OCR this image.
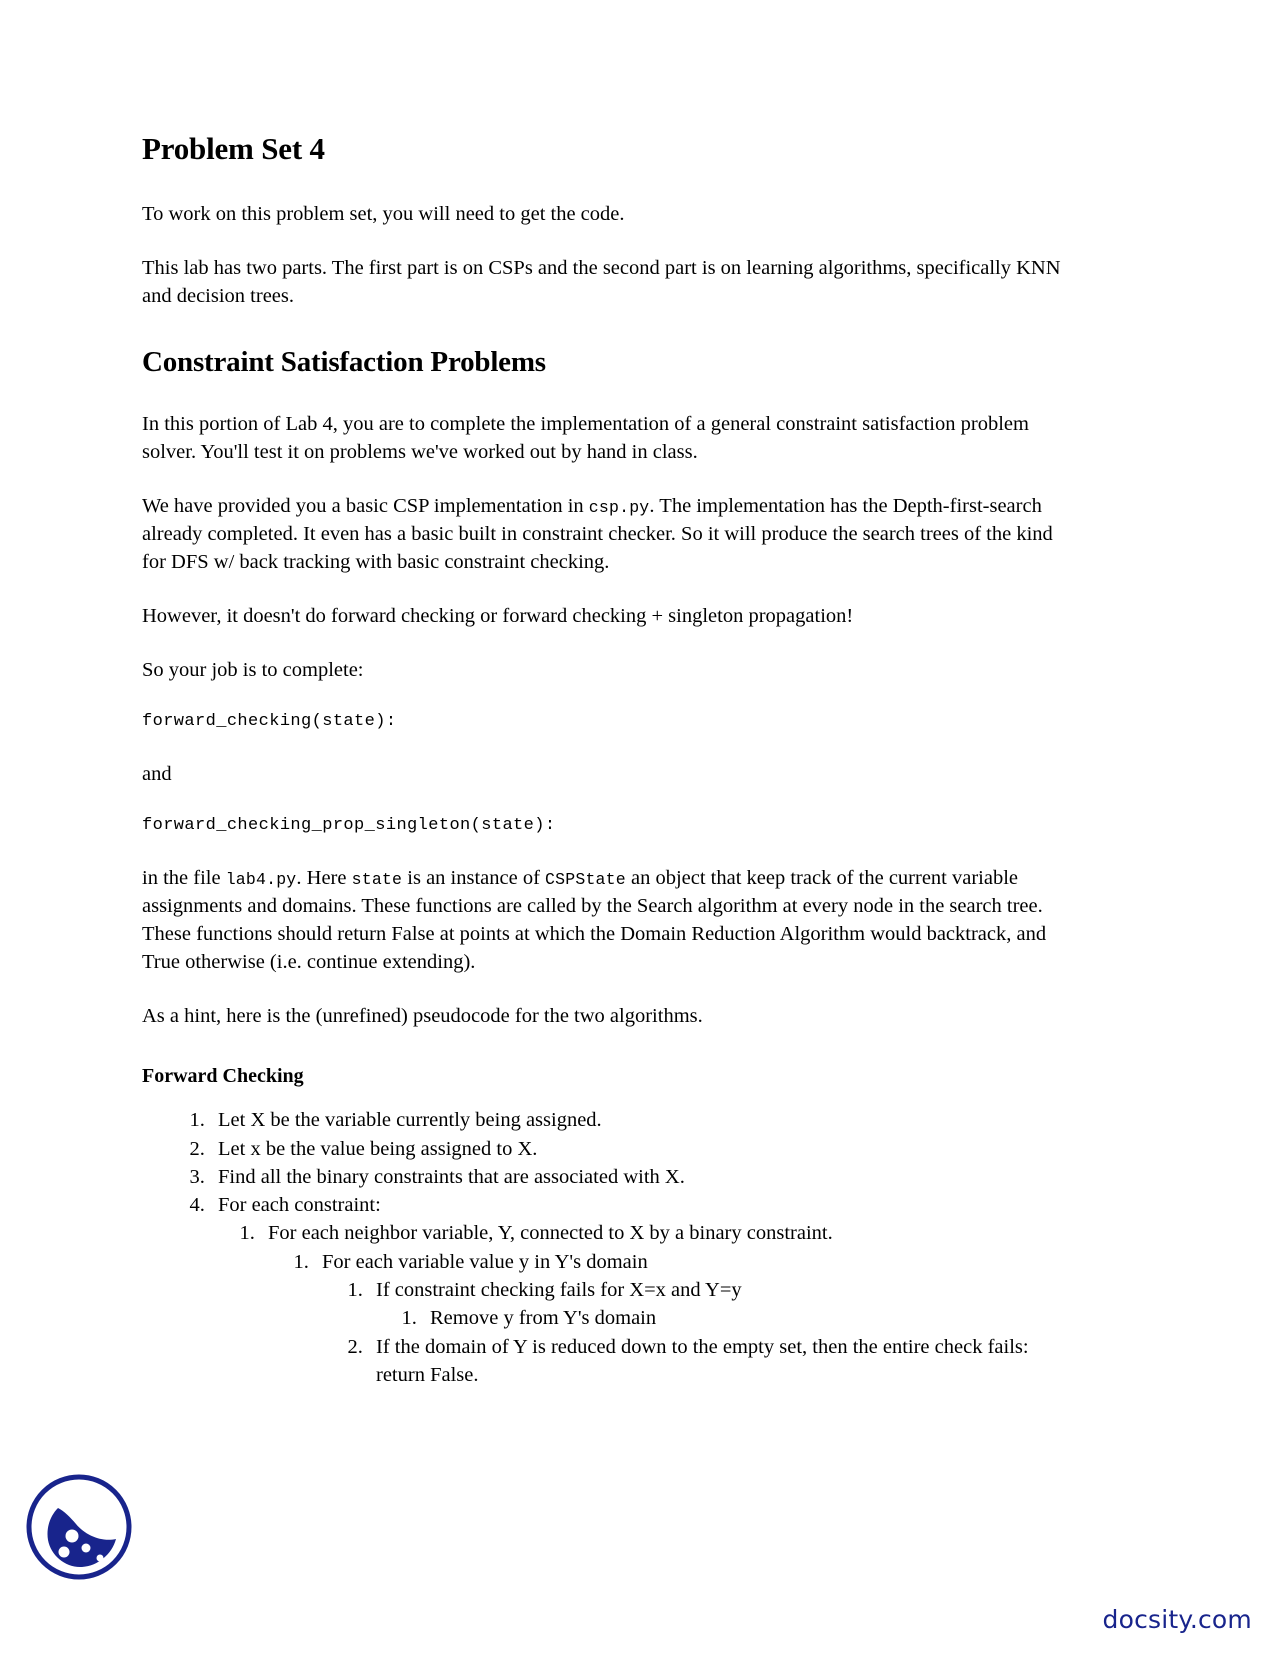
Problem Set 4

To work on this problem set, you will need to get the code.

This lab has two parts. The first part is on CSPs and the second part is on learning algorithms, specifically KNN and decision trees.

Constraint Satisfaction Problems

In this portion of Lab 4, you are to complete the implementation of a general constraint satisfaction problem solver. You'll test it on problems we've worked out by hand in class.

We have provided you a basic CSP implementation in csp.py. The implementation has the Depth-first-search already completed. It even has a basic built in constraint checker. So it will produce the search trees of the kind for DFS w/ back tracking with basic constraint checking.

However, it doesn't do forward checking or forward checking + singleton propagation!

So your job is to complete:

forward_checking(state):

and

forward_checking_prop_singleton(state):

in the file lab4.py. Here state is an instance of CSPState an object that keep track of the current variable assignments and domains. These functions are called by the Search algorithm at every node in the search tree. These functions should return False at points at which the Domain Reduction Algorithm would backtrack, and True otherwise (i.e. continue extending).

As a hint, here is the (unrefined) pseudocode for the two algorithms.

Forward Checking
1. Let X be the variable currently being assigned.
2. Let x be the value being assigned to X.
3. Find all the binary constraints that are associated with X.
4. For each constraint:
1. For each neighbor variable, Y, connected to X by a binary constraint.
1. For each variable value y in Y's domain
1. If constraint checking fails for X=x and Y=y
1. Remove y from Y's domain
2. If the domain of Y is reduced down to the empty set, then the entire check fails: return False.
docsity.com
